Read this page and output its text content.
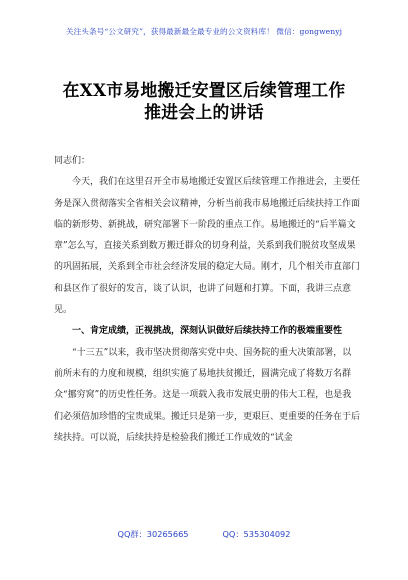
关注头条号“公文研究”，获得最新最全最专业的公文资料库！ 微信：gongwenyj
在XX市易地搬迁安置区后续管理工作
推进会上的讲话

同志们：

今天，我们在这里召开全市易地搬迁安置区后续管理工作推进会，主要任务是深入贯彻落实全省相关会议精神，分析当前我市易地搬迁后续扶持工作面临的新形势、新挑战，研究部署下一阶段的重点工作。易地搬迁的“后半篇文章”怎么写，直接关系到数万搬迁群众的切身利益，关系到我们脱贫攻坚成果的巩固拓展，关系到全市社会经济发展的稳定大局。刚才，几个相关市直部门和县区作了很好的发言，谈了认识，也讲了问题和打算。下面，我讲三点意见。

一、肯定成绩，正视挑战，深刻认识做好后续扶持工作的极端重要性

“十三五”以来，我市坚决贯彻落实党中央、国务院的重大决策部署，以前所未有的力度和规模，组织实施了易地扶贫搬迁，圆满完成了将数万名群众“挪穷窝”的历史性任务。这是一项载入我市发展史册的伟大工程，也是我们必须倍加珍惜的宝贵成果。搬迁只是第一步，更艰巨、更重要的任务在于后续扶持。可以说，后续扶持是检验我们搬迁工作成效的“试金

QQ群：30265665	QQ：535304092
